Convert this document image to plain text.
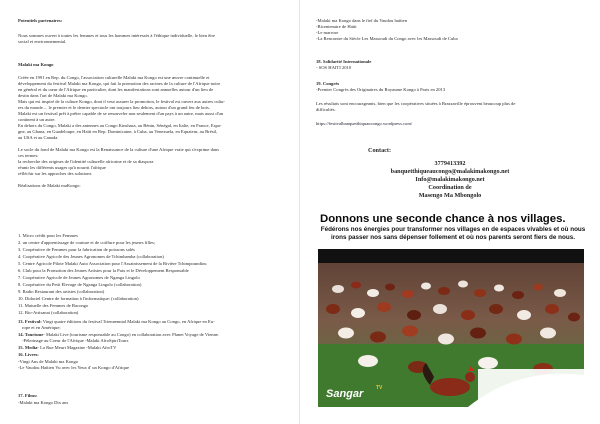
Potentiels partenaires:

Nous sommes ouvert à toutes les femmes et tous les hommes intéressés à l'éthique individuelle, le bien être

social et environnemental.

Malaki ma Kongo

Créée en 1991 en Rep. du Congo, l'association culturelle Malaki ma Kongo est une œuvre continuelle et

développement du festival Malaki ma Kongo, qui fait la promotion des racines de la culture de l'Afrique noire

en général et du cœur de l'Afrique en particulier, dont les manifestations sont annuelles autour d'un lieu de

destin dans l'art de Malaki ma Kongo.

Mais qui est inspiré de la culture Kongo, dont il veut assurer la promotion, le festival est ouvert aux autres cultu-

res du monde.... le premier et le dernier spectacle ont toujours lieu dehors, autour d'un grand feu de bois.

Malaki est un festival prêt à prêter capable de se renouveler non seulement d'un pays à un autre, mais aussi d'un

continent à un autre.

En dehors du Congo, Malaki a des antennes au Congo Kinshasa, au Bénin, Sénégal, en Italie, en France, Espa-

gne, au Ghana, en Guadeloupe, en Haïti en Rep. Dominicaine, à Cuba, au Venezuela, en Equateur, au Brésil,

au USA et au Canada.

Le socle du fond de Malaki ma Kongo est la Renaissance de la culture d'une Afrique vraie qui s'exprime dans

ces termes:

la recherche des origines de l'identité culturelle africaine et de sa diaspora

réunir les différents usages qu'à nourrit l'afrique

réfléchir sur les approches des solutions

Réalisations de Malaki maKongo:

1. Micro crédit pour les Femmes

2. un centre d'apprentissage de couture et de coiffure pour les jeunes filles;

3. Coopérative de Femmes pour la fabrication de poissons salés

4. Coopérative Agricole des Jeunes Agronomes de Tchimbamba (collaboration)

5. Centre Agricole Pilote Malaki Auto Association pour l'Assainissement de la Rivière Tchimpoundiou

6. Club pour la Promotion des Jeunes Artistes pour la Paix et le Développement Responsable

7. Coopérative Agricole de Jeunes Agronomes de Nganga Lingolo

8. Coopérative du Petit Elevage de Nganga Lingolo (collaboration)

9. Radio Restaurant des artistes (collaboration)

10. Didactel Centre de formation à l'informatique: (collaboration)

11. Mutuelle des Femmes de Bacongo

12. Bio-Artisanat (collaboration)

13. Festival: Vingt quatre éditions du festival Triennennial Malaki ma Kongo au Congo, en Afrique en Eu-

rope et en Amérique;

14. Tourisme- Malaki Live (tourisme responsable au Congo) en collaboration avec Planet Voyage de Vienne.

-Pèlerinage au Coeur de l'Afrique -Malaki AfroSpiriTours

15. Media- La Rue Meurt Magazine -Malaki AfroTV

16. Livres:

-Vingt Ans de Malaki ma Kongo

-Le Vaudou Haïtien Vu avec les Yeux d' un Kongo d'Afrique

17. Films:

-Malaki ma Kongo Dix ans

-Malaki ma Kongo dans le fief du Vaudou haïtien

-Bicentenaire de Haïti

-Le marrose

-La Rencontre du Siècle Les Massoudi du Congo avec les Massoudi de Cuba

18. Solidarité Internationale

- SOS HAITI 2010

19. Congrès

-Premier Congrès des Originaires du Royaume Kongo à Paris en 2013

Les résultats sont encourageants, bien que les coopératives situées à Brazzaville éprouvent beaucoup plus de

difficultés.

https://festivalbanquetthiquaucongo.wordpress.com/

Contact:

3779413392
banquetthiqueaucongo@malakimakongo.net
Info@malakimakongo.net
Coordination de
Masengo Ma Mbongolo
Donnons une seconde chance à nos villages.
Fédérons nos énergies pour transformer nos villages en de espaces vivables et où nous irons passer nos sans dépenser follement et où nos parents seront fiers de nous.
Sangar	TV
